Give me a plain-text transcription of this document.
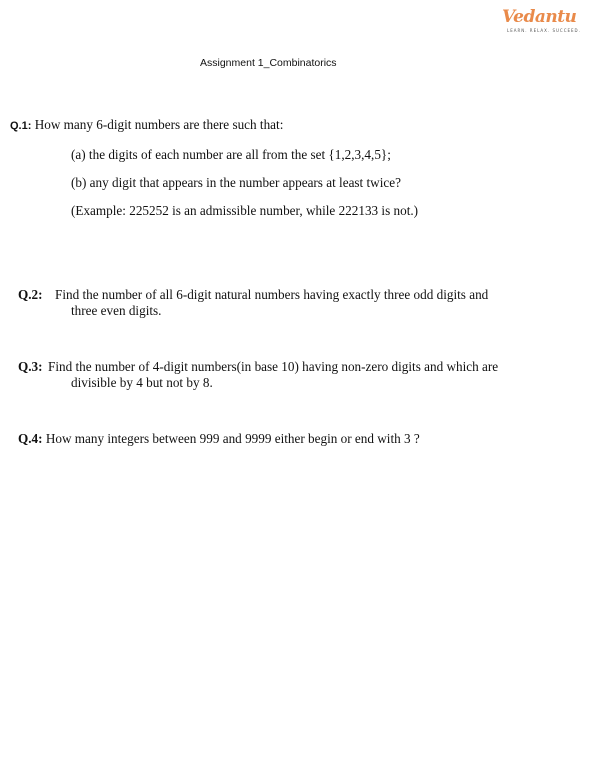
Vedantu
LEARN. RELAX. SUCCEED.
Assignment 1_Combinatorics
Q.1: How many 6-digit numbers are there such that:
(a) the digits of each number are all from the set {1,2,3,4,5};
(b) any digit that appears in the number appears at least twice?
(Example: 225252 is an admissible number, while 222133 is not.)
Q.2: Find the number of all 6-digit natural numbers having exactly three odd digits and
three even digits.
Q.3: Find the number of 4-digit numbers(in base 10) having non-zero digits and which are
divisible by 4 but not by 8.
Q.4: How many integers between 999 and 9999 either begin or end with 3 ?
